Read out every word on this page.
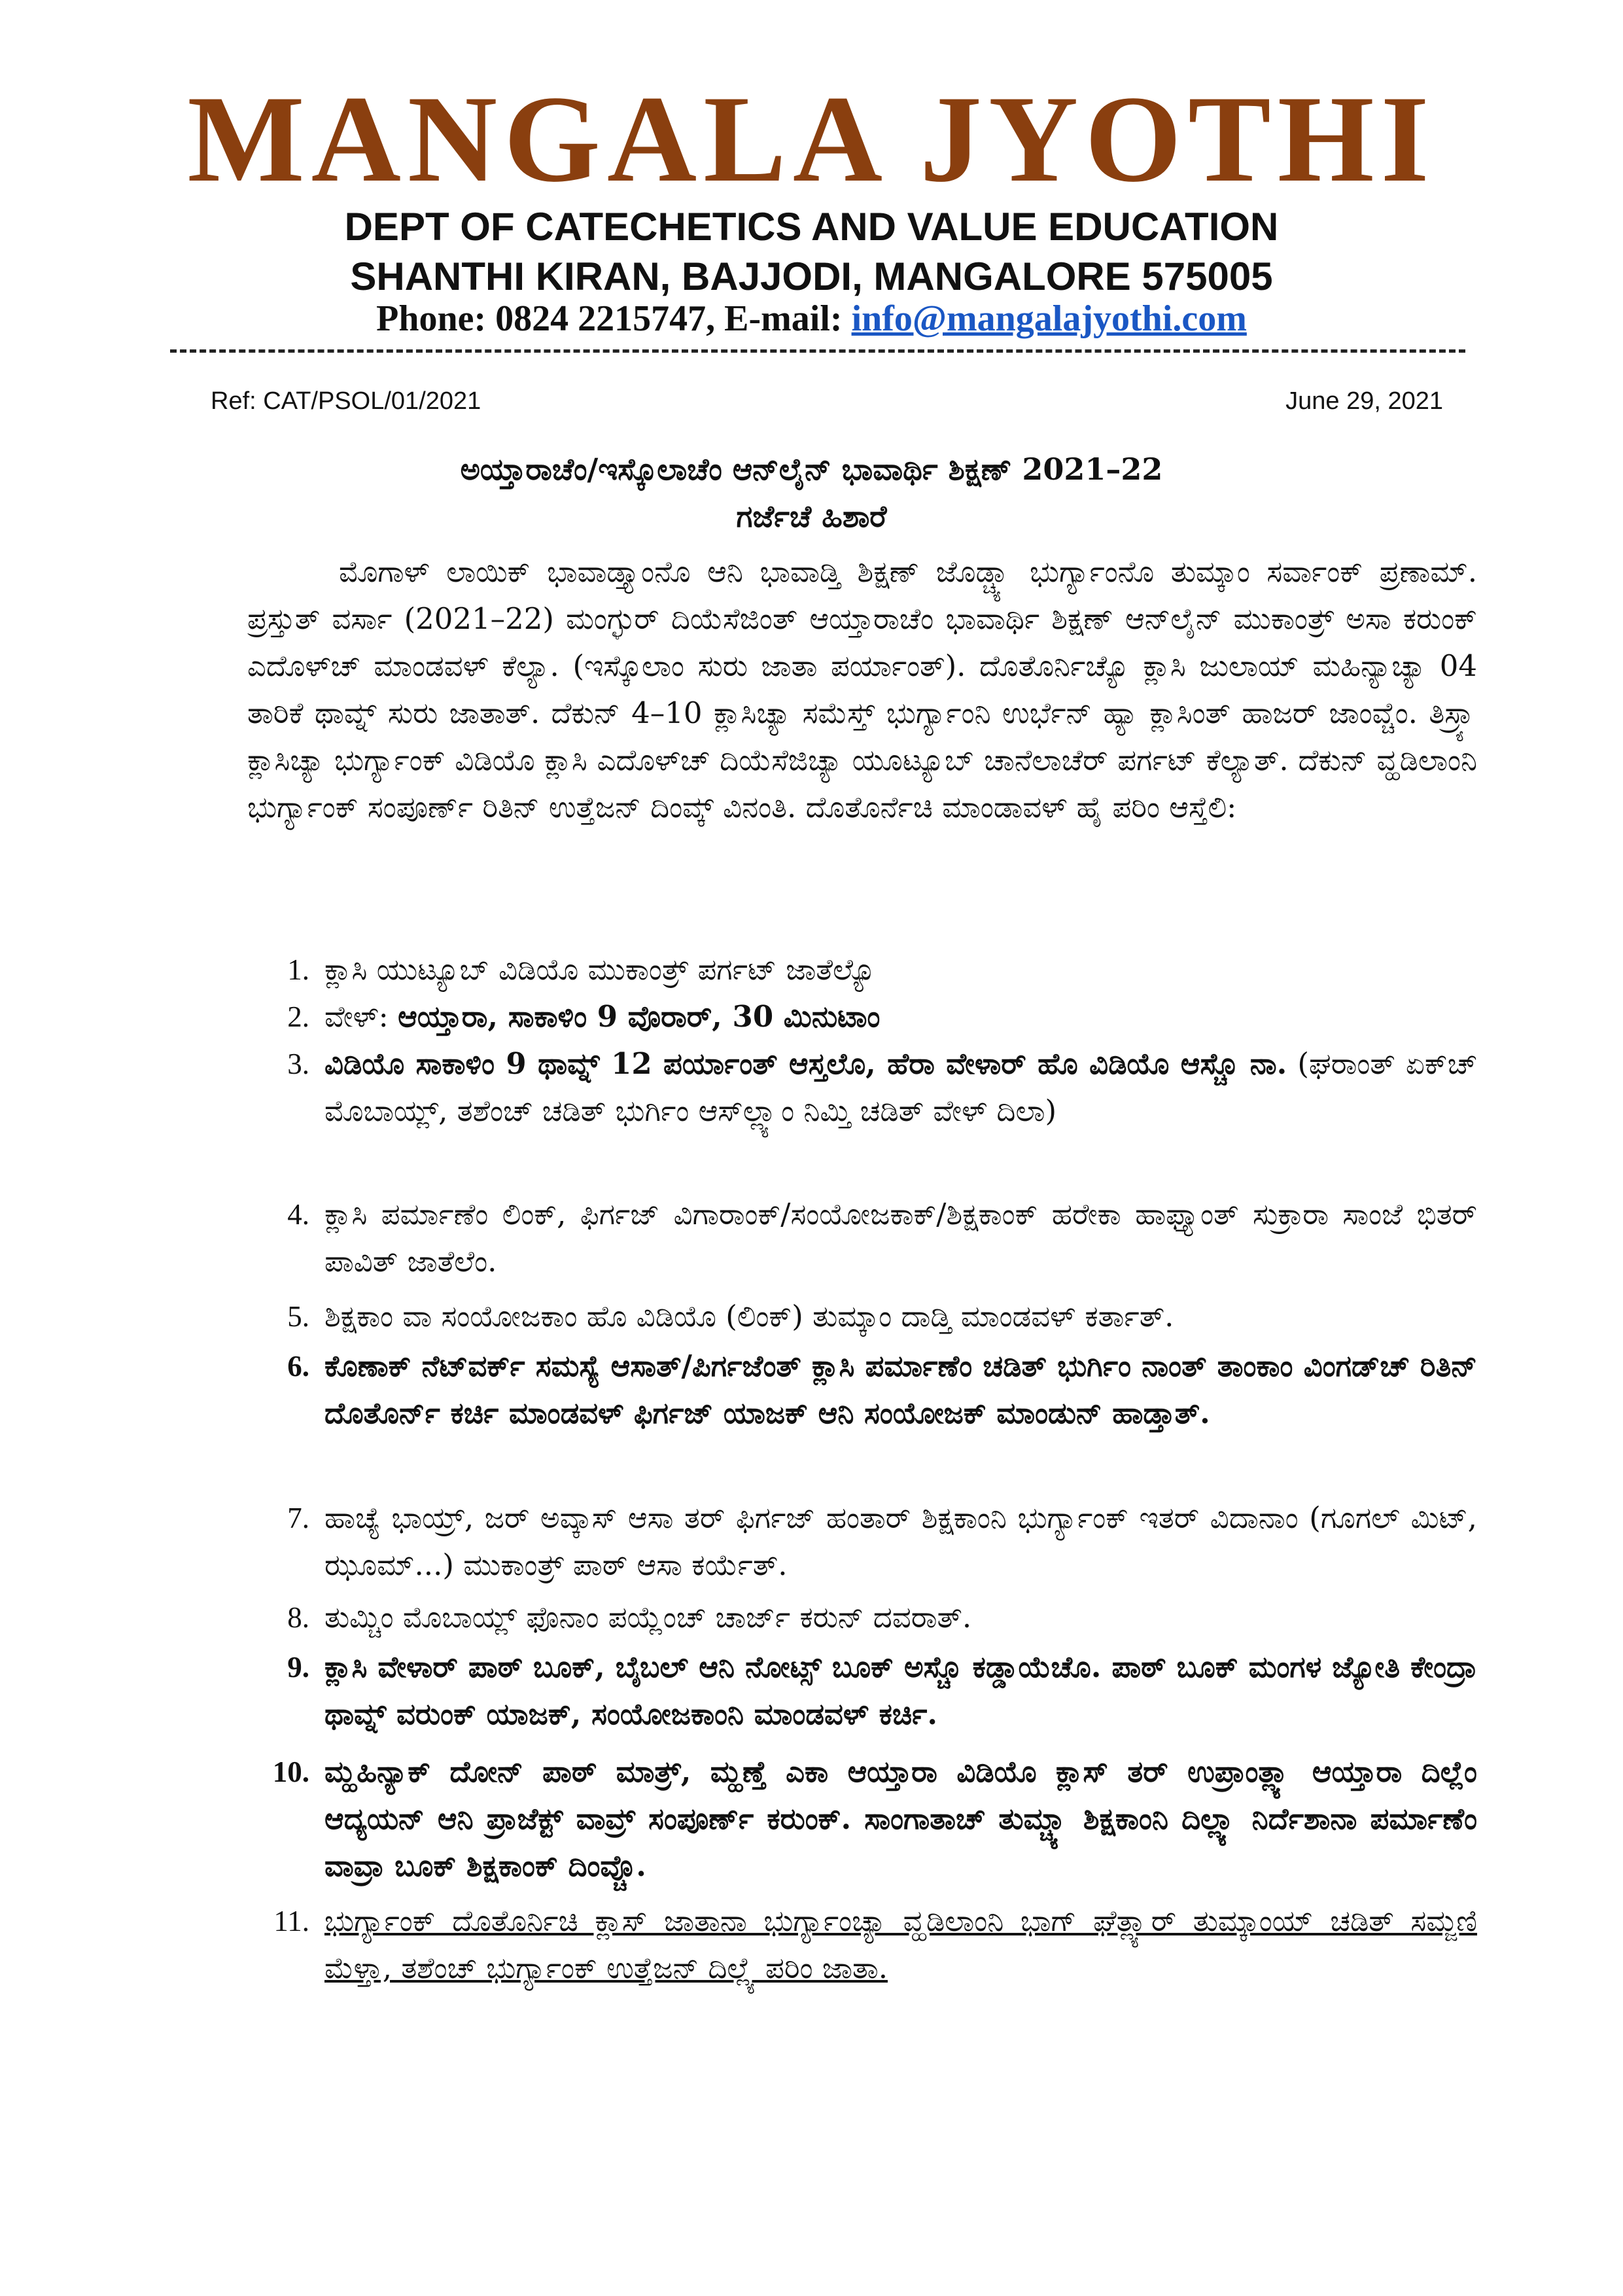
MANGALA JYOTHI
DEPT OF CATECHETICS AND VALUE EDUCATION
SHANTHI KIRAN, BAJJODI, MANGALORE 575005
Phone: 0824 2215747, E-mail: info@mangalajyothi.com
Ref: CAT/PSOL/01/2021	June 29, 2021
ಅಯ್ತಾರಾಚೆಂ/ಇಸ್ಕೊಲಾಚೆಂ ಆನ್‌ಲೈನ್ ಭಾವಾರ್ಥಿ ಶಿಕ್ಷಣ್ 2021–22
ಗರ್ಜೆಚೆ ಹಿಶಾರೆ
ಮೊಗಾಳ್ ಲಾಯಿಕ್ ಭಾವಾಡ್ತ್ಯಾಂನೊ ಆನಿ ಭಾವಾಡ್ತಿ ಶಿಕ್ಷಣ್ ಜೊಡ್ಚ್ಯಾ ಭುರ್ಗ್ಯಾಂನೊ ತುಮ್ಕಾಂ ಸರ್ವಾಂಕ್ ಪ್ರಣಾಮ್. ಪ್ರಸ್ತುತ್ ವರ್ಸಾ (2021–22) ಮಂಗ್ಳುರ್ ದಿಯೆಸೆಜಿಂತ್ ಆಯ್ತಾರಾಚೆಂ ಭಾವಾರ್ಥಿ ಶಿಕ್ಷಣ್ ಆನ್‌ಲೈನ್ ಮುಕಾಂತ್ರ್ ಅಸಾ ಕರುಂಕ್ ಎದೊಳ್‌ಚ್ ಮಾಂಡವಳ್ ಕೆಲ್ಯಾ. (ಇಸ್ಕೊಲಾಂ ಸುರು ಜಾತಾ ಪರ್ಯಾಂತ್). ದೊತೊರ್ನಿಚ್ಯೊ ಕ್ಲಾಸಿ ಜುಲಾಯ್ ಮಹಿನ್ಯಾಚ್ಯಾ 04 ತಾರಿಕೆ ಥಾವ್ನ್ ಸುರು ಜಾತಾತ್. ದೆಕುನ್ 4–10 ಕ್ಲಾಸಿಚ್ಯಾ ಸಮೆಸ್ತ್ ಭುರ್ಗ್ಯಾಂನಿ ಉರ್ಭೆನ್ ಹ್ಯಾ ಕ್ಲಾಸಿಂತ್ ಹಾಜರ್ ಜಾಂವ್ಚೆಂ. ತಿಸ್ರ್ಯಾ ಕ್ಲಾಸಿಚ್ಯಾ ಭುರ್ಗ್ಯಾಂಕ್ ವಿಡಿಯೊ ಕ್ಲಾಸಿ ಎದೊಳ್‌ಚ್ ದಿಯೆಸೆಜಿಚ್ಯಾ ಯೂಟ್ಯೂಬ್ ಚಾನೆಲಾಚೆರ್ ಪರ್ಗಟ್ ಕೆಲ್ಯಾತ್. ದೆಕುನ್ ವ್ಹಡಿಲಾಂನಿ ಭುರ್ಗ್ಯಾಂಕ್ ಸಂಪೂರ್ಣ್ ರಿತಿನ್ ಉತ್ತೆಜನ್ ದಿಂವ್ಕ್ ವಿನಂತಿ. ದೊತೊರ್ನೆಚಿ ಮಾಂಡಾವಳ್ ಹೈ ಪರಿಂ ಆಸ್ತೆಲಿ:
1. ಕ್ಲಾಸಿ ಯುಟ್ಯೂಬ್ ವಿಡಿಯೊ ಮುಕಾಂತ್ರ್ ಪರ್ಗಟ್ ಜಾತೆಲ್ಯೊ
2. ವೇಳ್: ಆಯ್ತಾರಾ, ಸಾಕಾಳಿಂ 9 ವೊರಾರ್, 30 ಮಿನುಟಾಂ
3. ವಿಡಿಯೊ ಸಾಕಾಳಿಂ 9 ಥಾವ್ನ್ 12 ಪರ್ಯಾಂತ್ ಆಸ್ತಲೊ, ಹೆರಾ ವೇಳಾರ್ ಹೊ ವಿಡಿಯೊ ಆಸ್ಚೊ ನಾ. (ಘರಾಂತ್ ಏಕ್‌ಚ್ ಮೊಬಾಯ್ಲ್, ತಶೆಂಚ್ ಚಡಿತ್ ಭುರ್ಗಿಂ ಆಸ್‌ಲ್ಲ್ಯಾಂ ನಿಮ್ತಿ ಚಡಿತ್ ವೇಳ್ ದಿಲಾ)
4. ಕ್ಲಾಸಿ ಪರ್ಮಾಣೆಂ ಲಿಂಕ್, ಫಿರ್ಗಜ್ ವಿಗಾರಾಂಕ್/ಸಂಯೋಜಕಾಕ್/ಶಿಕ್ಷಕಾಂಕ್ ಹರೇಕಾ ಹಾಫ್ತ್ಯಾಂತ್ ಸುಕ್ರಾರಾ ಸಾಂಜೆ ಭಿತರ್ ಪಾವಿತ್ ಜಾತೆಲೆಂ.
5. ಶಿಕ್ಷಕಾಂ ವಾ ಸಂಯೋಜಕಾಂ ಹೊ ವಿಡಿಯೊ (ಲಿಂಕ್) ತುಮ್ಕಾಂ ದಾಡ್ತಿ ಮಾಂಡವಳ್ ಕರ್ತಾತ್.
6. ಕೊಣಾಕ್ ನೆಟ್‌ವರ್ಕ್ ಸಮಸ್ಯೆ ಆಸಾತ್/ಪಿರ್ಗಜೆಂತ್ ಕ್ಲಾಸಿ ಪರ್ಮಾಣೆಂ ಚಡಿತ್ ಭುರ್ಗಿಂ ನಾಂತ್ ತಾಂಕಾಂ ವಿಂಗಡ್‌ಚ್ ರಿತಿನ್ ದೊತೊರ್ನ್ ಕರ್ಚಿ ಮಾಂಡವಳ್ ಫಿರ್ಗಜ್ ಯಾಜಕ್ ಆನಿ ಸಂಯೋಜಕ್ ಮಾಂಡುನ್ ಹಾಡ್ತಾತ್.
7. ಹಾಚ್ಯೆ ಭಾಯ್ರ್, ಜರ್ ಅವ್ಕಾಸ್ ಆಸಾ ತರ್ ಫಿರ್ಗಜ್ ಹಂತಾರ್ ಶಿಕ್ಷಕಾಂನಿ ಭುರ್ಗ್ಯಾಂಕ್ ಇತರ್ ವಿದಾನಾಂ (ಗೂಗಲ್ ಮಿಟ್, ಝೂಮ್...) ಮುಕಾಂತ್ರ್ ಪಾಠ್ ಆಸಾ ಕರ್ಯೆತ್.
8. ತುಮ್ಚಿಂ ಮೊಬಾಯ್ಲ್ ಫೊನಾಂ ಪಯ್ಲೆಂಚ್ ಚಾರ್ಜ್ ಕರುನ್ ದವರಾತ್.
9. ಕ್ಲಾಸಿ ವೇಳಾರ್ ಪಾಠ್ ಬೂಕ್, ಬೈಬಲ್ ಆನಿ ನೋಟ್ಸ್ ಬೂಕ್ ಅಸ್ಚೊ ಕಡ್ಡಾಯೆಚೊ. ಪಾಠ್ ಬೂಕ್ ಮಂಗಳ ಜ್ಯೋತಿ ಕೇಂದ್ರಾ ಥಾವ್ನ್ ವರುಂಕ್ ಯಾಜಕ್, ಸಂಯೋಜಕಾಂನಿ ಮಾಂಡವಳ್ ಕರ್ಚಿ.
10. ಮ್ಹಹಿನ್ಯಾಕ್ ದೋನ್ ಪಾಠ್ ಮಾತ್ರ್, ಮ್ಹಣ್ತೆ ಎಕಾ ಆಯ್ತಾರಾ ವಿಡಿಯೊ ಕ್ಲಾಸ್ ತರ್ ಉಪ್ರಾಂತ್ಲ್ಯಾ ಆಯ್ತಾರಾ ದಿಲ್ಲೆಂ ಆದ್ಯಯನ್ ಆನಿ ಪ್ರಾಜೆಕ್ಟ್ ವಾವ್ರ್ ಸಂಪೂರ್ಣ್ ಕರುಂಕ್. ಸಾಂಗಾತಾಚ್ ತುಮ್ಚ್ಯಾ ಶಿಕ್ಷಕಾಂನಿ ದಿಲ್ಲ್ಯಾ ನಿರ್ದೆಶಾನಾ ಪರ್ಮಾಣೆಂ ವಾವ್ರಾ ಬೂಕ್ ಶಿಕ್ಷಕಾಂಕ್ ದಿಂವ್ಚೊ.
11. ಭುರ್ಗ್ಯಾಂಕ್ ದೊತೊರ್ನಿಚಿ ಕ್ಲಾಸ್ ಜಾತಾನಾ ಭುರ್ಗ್ಯಾಂಚ್ಯಾ ವ್ಹಡಿಲಾಂನಿ ಭಾಗ್ ಘೆತ್ಲ್ಯಾರ್ ತುಮ್ಕಾಂಯ್ ಚಡಿತ್ ಸಮ್ಜಣಿ ಮೆಳ್ತಾ, ತಶೆಂಚ್ ಭುರ್ಗ್ಯಾಂಕ್ ಉತ್ತೆಜನ್ ದಿಲ್ಲ್ಯೆ ಪರಿಂ ಜಾತಾ.
